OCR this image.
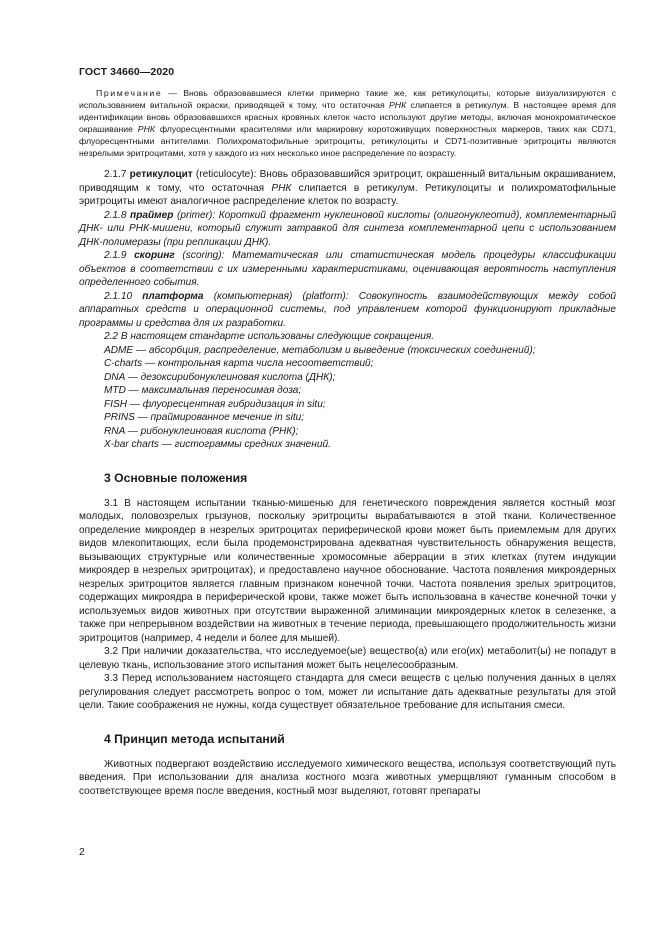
ГОСТ 34660—2020

Примечание — Вновь образовавшиеся клетки примерно такие же, как ретикулоциты, которые визуализируются с использованием витальной окраски, приводящей к тому, что остаточная РНК слипается в ретикулум. В настоящее время для идентификации вновь образовавшихся красных кровяных клеток часто используют другие методы, включая монохроматическое окрашивание РНК флуоресцентными красителями или маркировку коротоживущих поверхностных маркеров, таких как CD71, флуоресцентными антителами. Полихроматофильные эритроциты, ретикулоциты и CD71-позитивные эритроциты являются незрелыми эритроцитами, хотя у каждого из них несколько иное распределение по возрасту.

2.1.7 ретикулоцит (reticulocyte): Вновь образовавшийся эритроцит, окрашенный витальным окрашиванием, приводящим к тому, что остаточная РНК слипается в ретикулум. Ретикулоциты и полихроматофильные эритроциты имеют аналогичное распределение клеток по возрасту.

2.1.8 праймер (primer): Короткий фрагмент нуклеиновой кислоты (олигонуклеотид), комплементарный ДНК- или РНК-мишени, который служит затравкой для синтеза комплементарной цепи с использованием ДНК-полимеразы (при репликации ДНК).

2.1.9 скоринг (scoring): Математическая или статистическая модель процедуры классификации объектов в соответствии с их измеренными характеристиками, оценивающая вероятность наступления определенного события.

2.1.10 платформа (компьютерная) (platform): Совокупность взаимодействующих между собой аппаратных средств и операционной системы, под управлением которой функционируют прикладные программы и средства для их разработки.

2.2 В настоящем стандарте использованы следующие сокращения.

ADME — абсорбция, распределение, метаболизм и выведение (токсических соединений);

C-charts — контрольная карта числа несоответствий;

DNA — дезоксирибонуклеиновая кислота (ДНК);

MTD — максимальная переносимая доза;

FISH — флуоресцентная гибридизация in situ;

PRINS — праймированное мечение in situ;

RNA — рибонуклеиновая кислота (РНК);

X-bar charts — гистограммы средних значений.

3 Основные положения

3.1 В настоящем испытании тканью-мишенью для генетического повреждения является костный мозг молодых, половозрелых грызунов, поскольку эритроциты вырабатываются в этой ткани. Количественное определение микроядер в незрелых эритроцитах периферической крови может быть приемлемым для других видов млекопитающих, если была продемонстрирована адекватная чувствительность обнаружения веществ, вызывающих структурные или количественные хромосомные аберрации в этих клетках (путем индукции микроядер в незрелых эритроцитах), и предоставлено научное обоснование. Частота появления микроядерных незрелых эритроцитов является главным признаком конечной точки. Частота появления зрелых эритроцитов, содержащих микроядра в периферической крови, также может быть использована в качестве конечной точки у используемых видов животных при отсутствии выраженной элиминации микроядерных клеток в селезенке, а также при непрерывном воздействии на животных в течение периода, превышающего продолжительность жизни эритроцитов (например, 4 недели и более для мышей).

3.2 При наличии доказательства, что исследуемое(ые) вещество(а) или его(их) метаболит(ы) не попадут в целевую ткань, использование этого испытания может быть нецелесообразным.

3.3 Перед использованием настоящего стандарта для смеси веществ с целью получения данных в целях регулирования следует рассмотреть вопрос о том, может ли испытание дать адекватные результаты для этой цели. Такие соображения не нужны, когда существует обязательное требование для испытания смеси.

4 Принцип метода испытаний

Животных подвергают воздействию исследуемого химического вещества, используя соответствующий путь введения. При использовании для анализа костного мозга животных умерщвляют гуманным способом в соответствующее время после введения, костный мозг выделяют, готовят препараты

2
